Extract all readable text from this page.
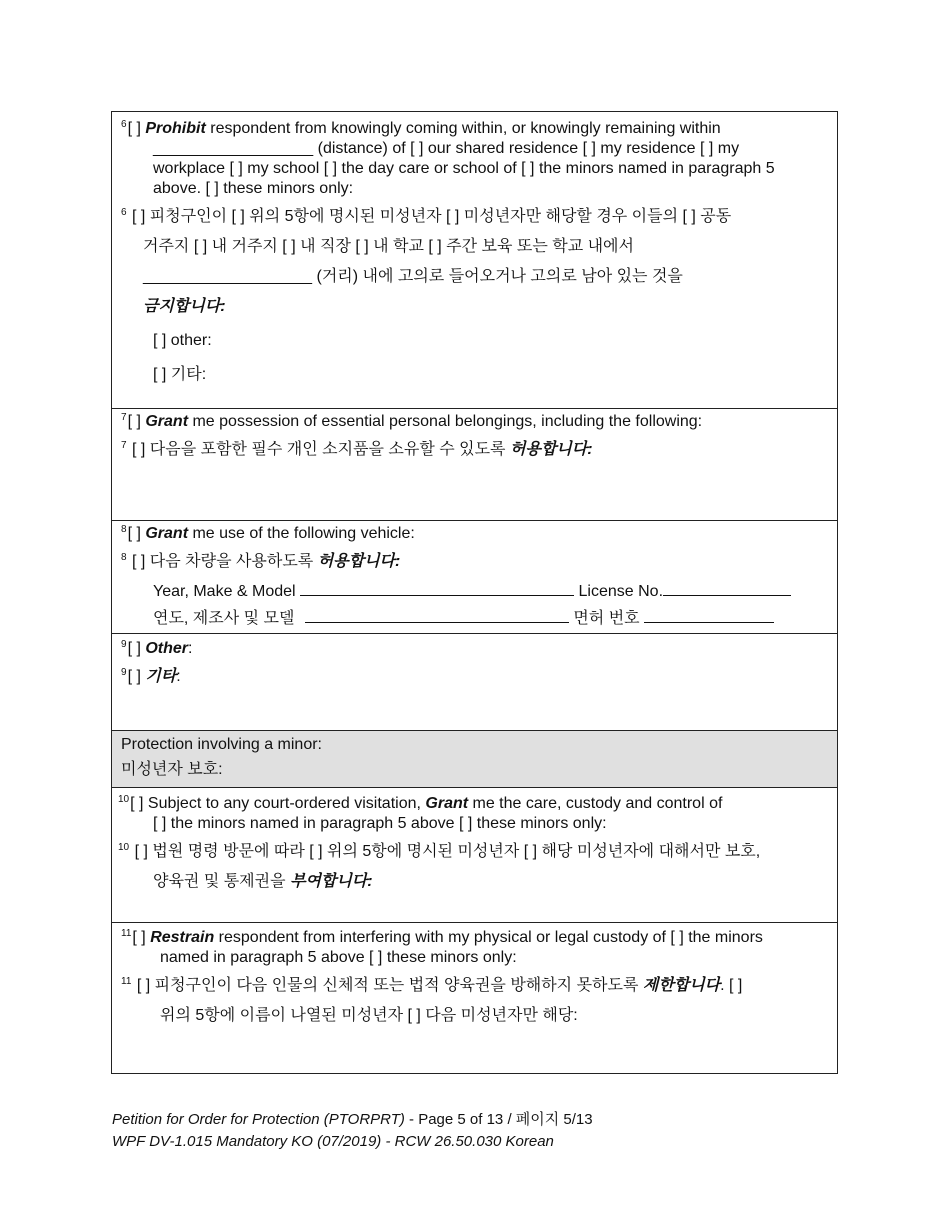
$^6$[ ] Prohibit respondent from knowingly coming within, or knowingly remaining within
__________________ (distance) of [ ] our shared residence [ ] my residence [ ] my
workplace [ ] my school [ ] the day care or school of [ ] the minors named in paragraph 5
above. [ ] these minors only:
$^6$ [ ] 피청구인이 [ ] 위의 5항에 명시된 미성년자 [ ] 미성년자만 해당할 경우 이들의 [ ] 공동
거주지 [ ] 내 거주지 [ ] 내 직장 [ ] 내 학교 [ ] 주간 보육 또는 학교 내에서
___________________ (거리) 내에 고의로 들어오거나 고의로 남아 있는 것을
금지합니다:
[ ] other:
[ ] 기타:
$^7$[ ] Grant me possession of essential personal belongings, including the following:
$^7$ [ ] 다음을 포함한 필수 개인 소지품을 소유할 수 있도록 허용합니다:
$^8$[ ] Grant me use of the following vehicle:
$^8$ [ ] 다음 차량을 사용하도록 허용합니다:
Year, Make & Model	License No.
연도, 제조사 및 모델	면허 번호
$^9$[ ] Other:
$^9$[ ] 기타:
Protection involving a minor:
미성년자 보호:
$^{10}$[ ] Subject to any court-ordered visitation, Grant me the care, custody and control of
[ ] the minors named in paragraph 5 above [ ] these minors only:
$^{10}$ [ ] 법원 명령 방문에 따라 [ ] 위의 5항에 명시된 미성년자 [ ] 해당 미성년자에 대해서만 보호,
양육권 및 통제권을 부여합니다:
$^{11}$[ ] Restrain respondent from interfering with my physical or legal custody of [ ] the minors
named in paragraph 5 above [ ] these minors only:
$^{11}$ [ ] 피청구인이 다음 인물의 신체적 또는 법적 양육권을 방해하지 못하도록 제한합니다. [ ]
위의 5항에 이름이 나열된 미성년자 [ ] 다음 미성년자만 해당:
Petition for Order for Protection (PTORPRT) - Page 5 of 13 / 페이지 5/13
WPF DV-1.015 Mandatory KO (07/2019) - RCW 26.50.030 Korean
